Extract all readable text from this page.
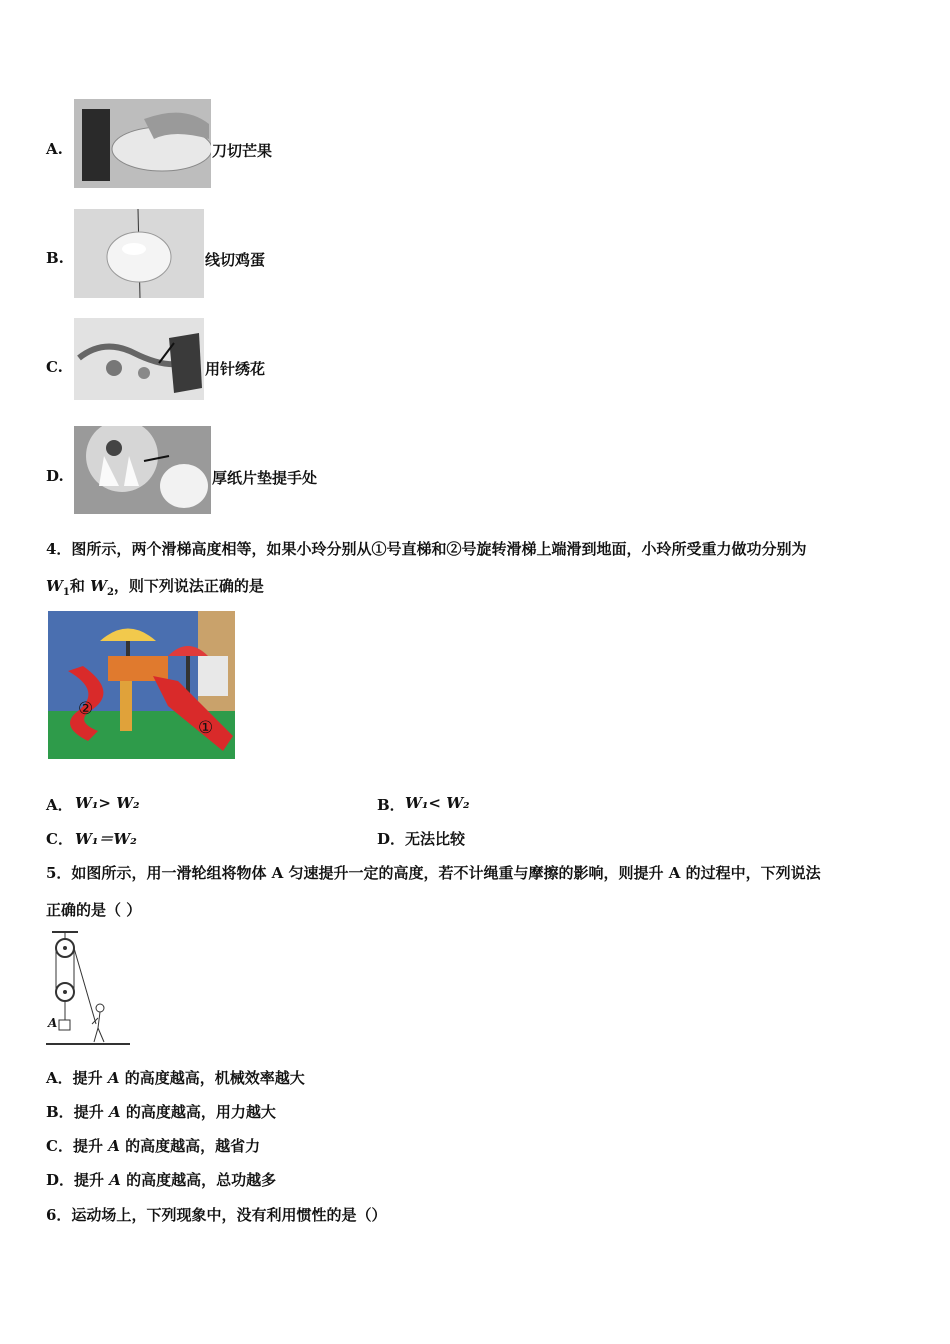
A.	刀切芒果
B.	线切鸡蛋
C.	用针绣花
D.	厚纸片垫提手处
4．图所示，两个滑梯高度相等，如果小玲分别从①号直梯和②号旋转滑梯上端滑到地面，小玲所受重力做功分别为
$W_1$和 $W_2$，则下列说法正确的是
②
①
A． W₁> W₂	B． W₁< W₂
C． W₁＝W₂	D． 无法比较
5．如图所示，用一滑轮组将物体 A 匀速提升一定的高度，若不计绳重与摩擦的影响，则提升 A 的过程中，下列说法
正确的是（ ）
A
A．提升 A 的高度越高，机械效率越大
B．提升 A 的高度越高，用力越大
C．提升 A 的高度越高，越省力
D．提升 A 的高度越高，总功越多
6．运动场上，下列现象中，没有利用惯性的是（）
